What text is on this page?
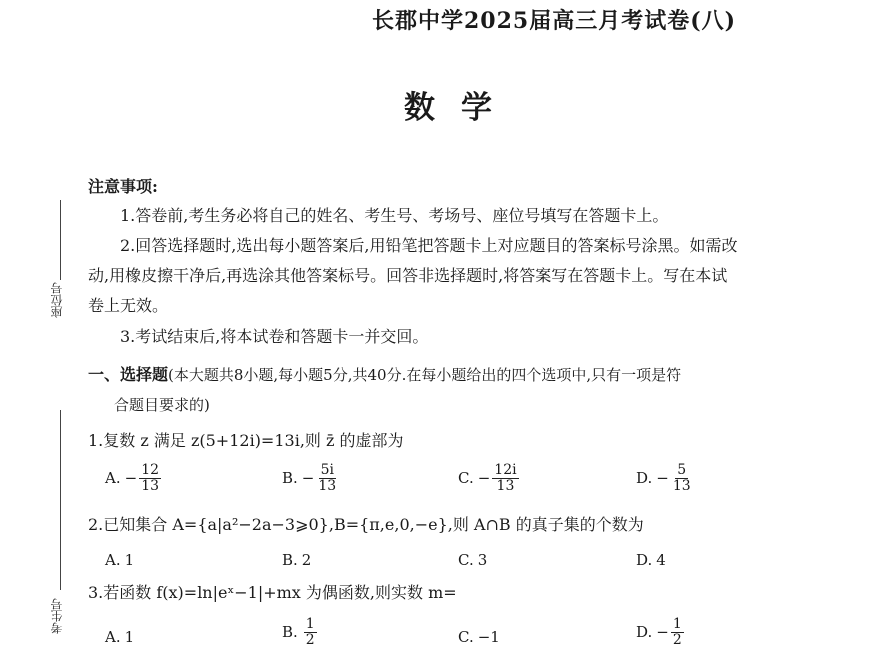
长郡中学2025届高三月考试卷(八)
数学
座位号
考生号
注意事项:
1.答卷前,考生务必将自己的姓名、考生号、考场号、座位号填写在答题卡上。
2.回答选择题时,选出每小题答案后,用铅笔把答题卡上对应题目的答案标号涂黑。如需改
动,用橡皮擦干净后,再选涂其他答案标号。回答非选择题时,将答案写在答题卡上。写在本试
卷上无效。
3.考试结束后,将本试卷和答题卡一并交回。
一、选择题(本大题共8小题,每小题5分,共40分.在每小题给出的四个选项中,只有一项是符
合题目要求的)
1.复数 z 满足 z(5+12i)=13i,则 z̄ 的虚部为
A. − $\frac{12}{13}$	B. − $\frac{5i}{13}$	C. − $\frac{12i}{13}$	D. − $\frac{5}{13}$
2.已知集合 A={a|a²−2a−3⩾0},B={π,e,0,−e},则 A∩B 的真子集的个数为
A. 1	B. 2	C. 3	D. 4
3.若函数 f(x)=ln|eˣ−1|+mx 为偶函数,则实数 m=
A. 1	B. $\frac{1}{2}$	C. −1	D. − $\frac{1}{2}$
